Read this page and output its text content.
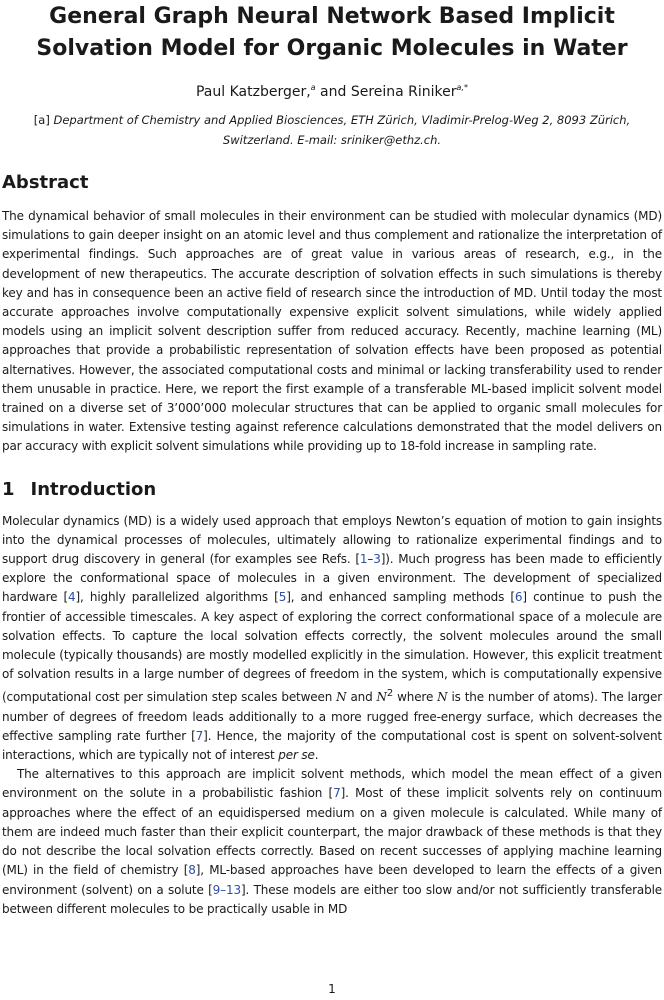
General Graph Neural Network Based Implicit Solvation Model for Organic Molecules in Water
Paul Katzberger,$^a$ and Sereina Riniker$^{a,*}$
[a] Department of Chemistry and Applied Biosciences, ETH Zürich, Vladimir-Prelog-Weg 2, 8093 Zürich, Switzerland. E-mail: sriniker@ethz.ch.
Abstract

The dynamical behavior of small molecules in their environment can be studied with molecular dynamics (MD) simulations to gain deeper insight on an atomic level and thus complement and rationalize the interpretation of experimental findings. Such approaches are of great value in various areas of research, e.g., in the development of new therapeutics. The accurate description of solvation effects in such simulations is thereby key and has in consequence been an active field of research since the introduction of MD. Until today the most accurate approaches involve computationally expensive explicit solvent simulations, while widely applied models using an implicit solvent description suffer from reduced accuracy. Recently, machine learning (ML) approaches that provide a probabilistic representation of solvation effects have been proposed as potential alternatives. However, the associated computational costs and minimal or lacking transferability used to render them unusable in practice. Here, we report the first example of a transferable ML-based implicit solvent model trained on a diverse set of 3’000’000 molecular structures that can be applied to organic small molecules for simulations in water. Extensive testing against reference calculations demonstrated that the model delivers on par accuracy with explicit solvent simulations while providing up to 18-fold increase in sampling rate.

1 Introduction

Molecular dynamics (MD) is a widely used approach that employs Newton’s equation of motion to gain insights into the dynamical processes of molecules, ultimately allowing to rationalize experimental findings and to support drug discovery in general (for examples see Refs. [1–3]). Much progress has been made to efficiently explore the conformational space of molecules in a given environment. The development of specialized hardware [4], highly parallelized algorithms [5], and enhanced sampling methods [6] continue to push the frontier of accessible timescales. A key aspect of exploring the correct conformational space of a molecule are solvation effects. To capture the local solvation effects correctly, the solvent molecules around the small molecule (typically thousands) are mostly modelled explicitly in the simulation. However, this explicit treatment of solvation results in a large number of degrees of freedom in the system, which is computationally expensive (computational cost per simulation step scales between N and $N^2$ where N is the number of atoms). The larger number of degrees of freedom leads additionally to a more rugged free-energy surface, which decreases the effective sampling rate further [7]. Hence, the majority of the computational cost is spent on solvent-solvent interactions, which are typically not of interest per se.

The alternatives to this approach are implicit solvent methods, which model the mean effect of a given environment on the solute in a probabilistic fashion [7]. Most of these implicit solvents rely on continuum approaches where the effect of an equidispersed medium on a given molecule is calculated. While many of them are indeed much faster than their explicit counterpart, the major drawback of these methods is that they do not describe the local solvation effects correctly. Based on recent successes of applying machine learning (ML) in the field of chemistry [8], ML-based approaches have been developed to learn the effects of a given environment (solvent) on a solute [9–13]. These models are either too slow and/or not sufficiently transferable between different molecules to be practically usable in MD

1
